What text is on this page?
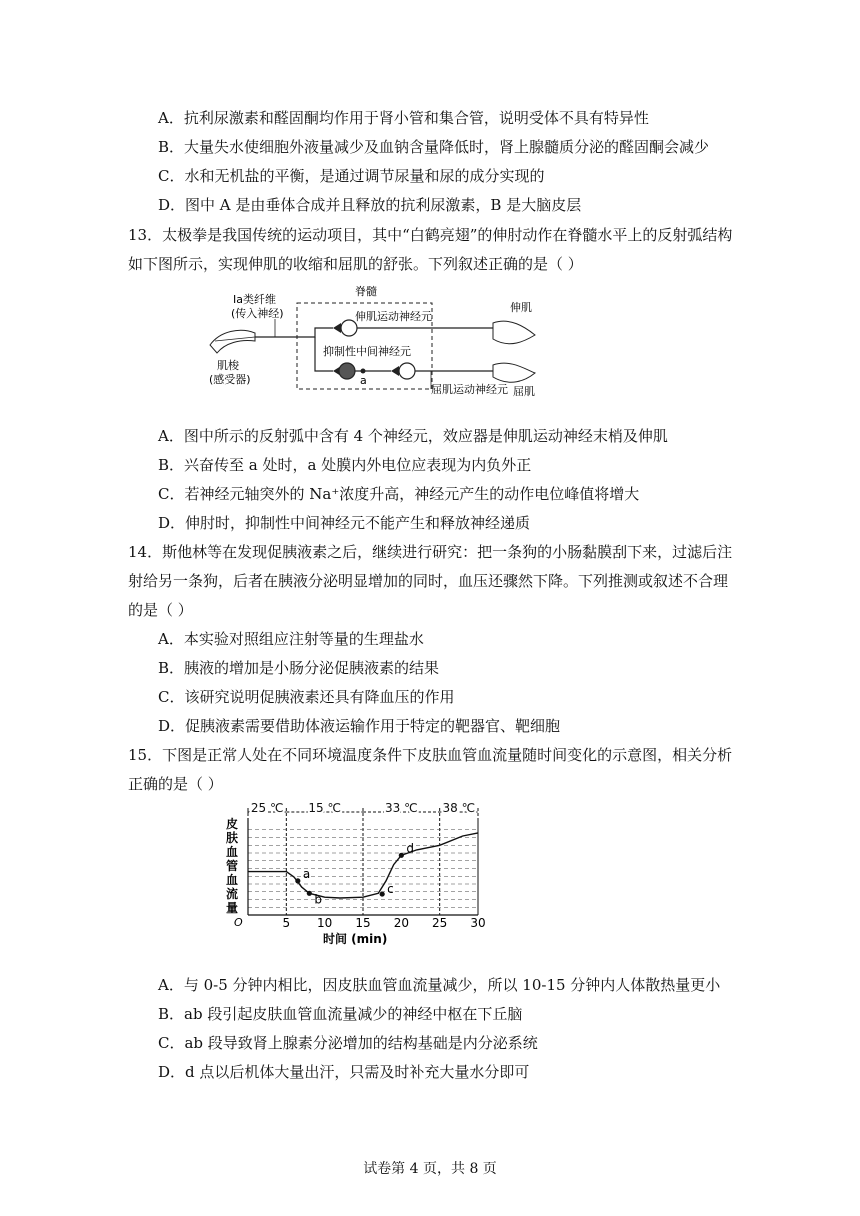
A．抗利尿激素和醛固酮均作用于肾小管和集合管，说明受体不具有特异性
B．大量失水使细胞外液量减少及血钠含量降低时，肾上腺髓质分泌的醛固酮会减少
C．水和无机盐的平衡，是通过调节尿量和尿的成分实现的
D．图中 A 是由垂体合成并且释放的抗利尿激素，B 是大脑皮层
13．太极拳是我国传统的运动项目，其中“白鹤亮翅”的伸肘动作在脊髓水平上的反射弧结构
如下图所示，实现伸肌的收缩和屈肌的舒张。下列叙述正确的是（ ）
脊髓
Ⅰa类纤维
(传入神经)
肌梭
(感受器)
伸肌运动神经元
抑制性中间神经元
a
屈肌运动神经元
伸肌
屈肌
A．图中所示的反射弧中含有 4 个神经元，效应器是伸肌运动神经末梢及伸肌
B．兴奋传至 a 处时，a 处膜内外电位应表现为内负外正
C．若神经元轴突外的 Na⁺浓度升高，神经元产生的动作电位峰值将增大
D．伸肘时，抑制性中间神经元不能产生和释放神经递质
14．斯他林等在发现促胰液素之后，继续进行研究：把一条狗的小肠黏膜刮下来，过滤后注
射给另一条狗，后者在胰液分泌明显增加的同时，血压还骤然下降。下列推测或叙述不合理
的是（ ）
A．本实验对照组应注射等量的生理盐水
B．胰液的增加是小肠分泌促胰液素的结果
C．该研究说明促胰液素还具有降血压的作用
D．促胰液素需要借助体液运输作用于特定的靶器官、靶细胞
15．下图是正常人处在不同环境温度条件下皮肤血管血流量随时间变化的示意图，相关分析
正确的是（ ）
25 ℃ 15 ℃	33 ℃ 38 ℃
a
b
c
d
5 10 15 20 25 30
皮肤血管血流量
时间 (min)
O
A．与 0-5 分钟内相比，因皮肤血管血流量减少，所以 10-15 分钟内人体散热量更小
B．ab 段引起皮肤血管血流量减少的神经中枢在下丘脑
C．ab 段导致肾上腺素分泌增加的结构基础是内分泌系统
D．d 点以后机体大量出汗，只需及时补充大量水分即可
试卷第 4 页，共 8 页
